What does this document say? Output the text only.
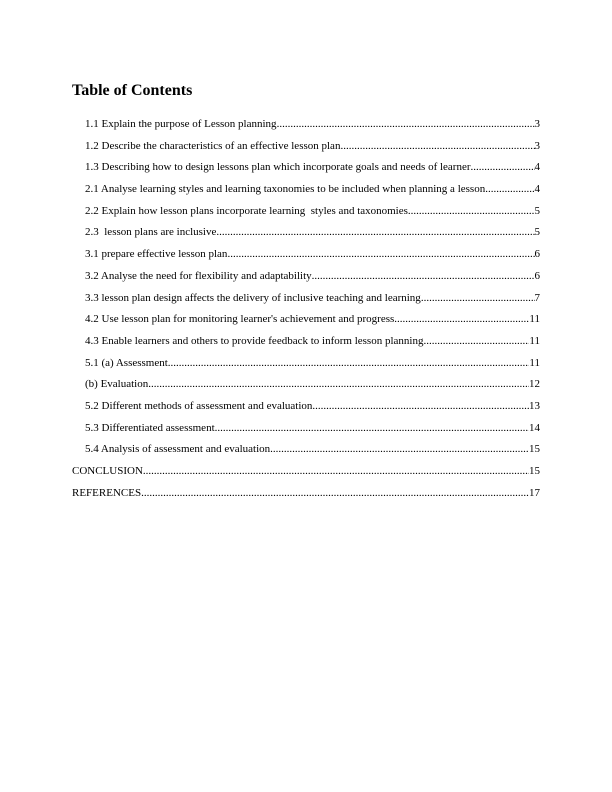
Table of Contents
1.1 Explain the purpose of Lesson planning .....	3
1.2 Describe the characteristics of an effective lesson plan .....	3
1.3 Describing how to design lessons plan which incorporate goals and needs of learner .....	4
2.1 Analyse learning styles and learning taxonomies to be included when planning a lesson .....	4
2.2 Explain how lesson plans incorporate learning  styles and taxonomies .....	5
2.3  lesson plans are inclusive .....	5
3.1 prepare effective lesson plan .....	6
3.2 Analyse the need for flexibility and adaptability .....	6
3.3 lesson plan design affects the delivery of inclusive teaching and learning .....	7
4.2 Use lesson plan for monitoring learner's achievement and progress .....	11
4.3 Enable learners and others to provide feedback to inform lesson planning .....	11
5.1 (a) Assessment .....	11
(b) Evaluation .....	12
5.2 Different methods of assessment and evaluation .....	13
5.3 Differentiated assessment .....	14
5.4 Analysis of assessment and evaluation .....	15
CONCLUSION .....	15
REFERENCES .....	17
